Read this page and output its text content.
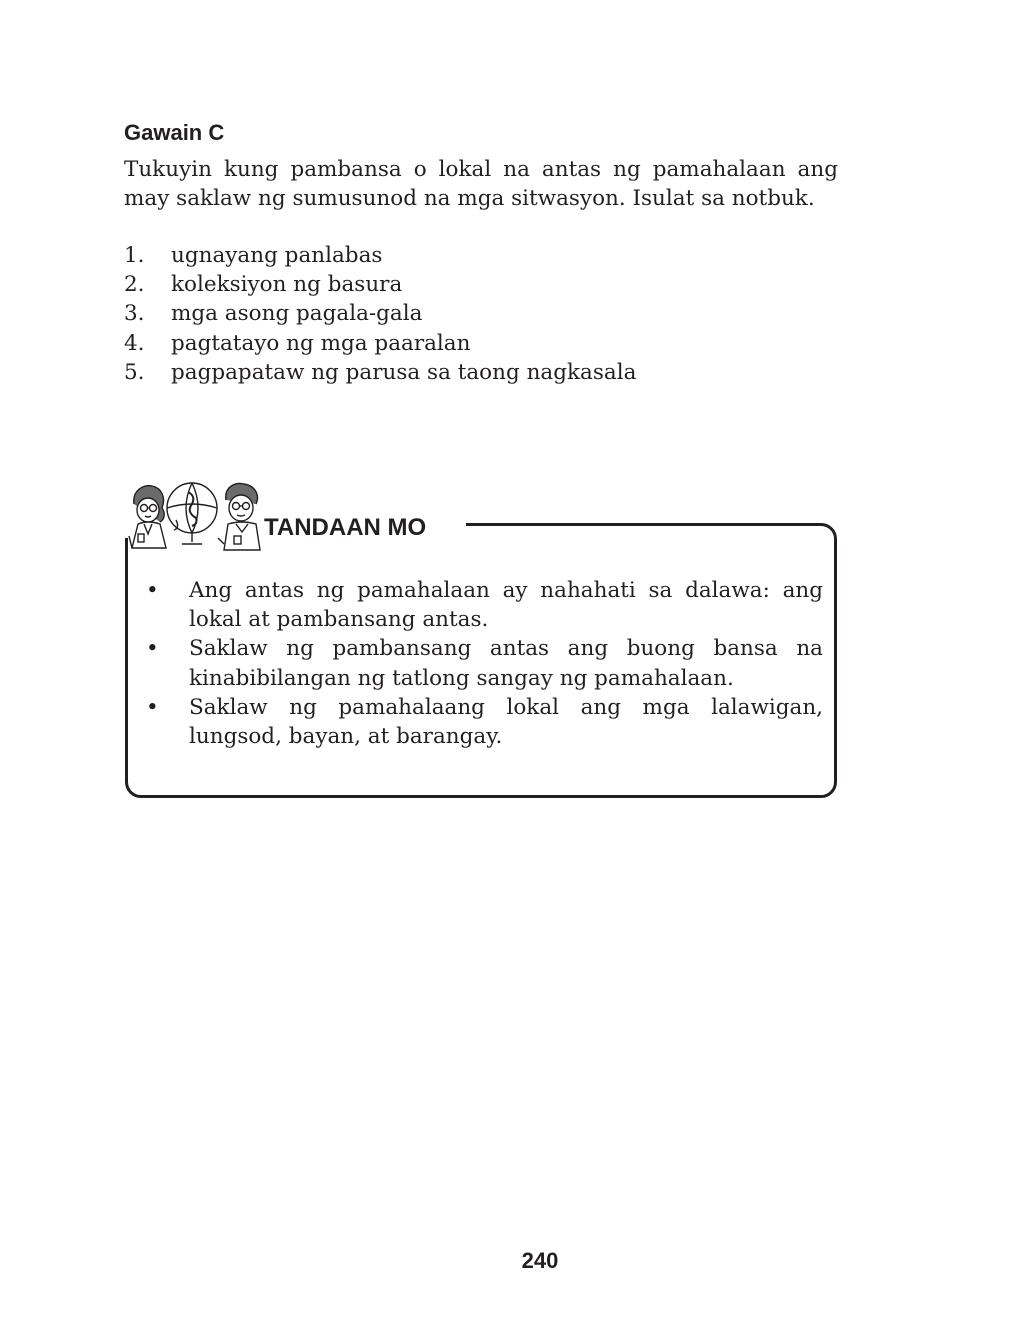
Gawain C

Tukuyin kung pambansa o lokal na antas ng pamahalaan ang may saklaw ng sumusunod na mga sitwasyon. Isulat sa notbuk.

1. ugnayang panlabas
2. koleksiyon ng basura
3. mga asong pagala-gala
4. pagtatayo ng mga paaralan
5. pagpapataw ng parusa sa taong nagkasala
TANDAAN MO
• Ang antas ng pamahalaan ay nahahati sa dalawa: ang lokal at pambansang antas.
• Saklaw ng pambansang antas ang buong bansa na kinabibilangan ng tatlong sangay ng pamahalaan.
• Saklaw ng pamahalaang lokal ang mga lalawigan, lungsod, bayan, at barangay.
240
